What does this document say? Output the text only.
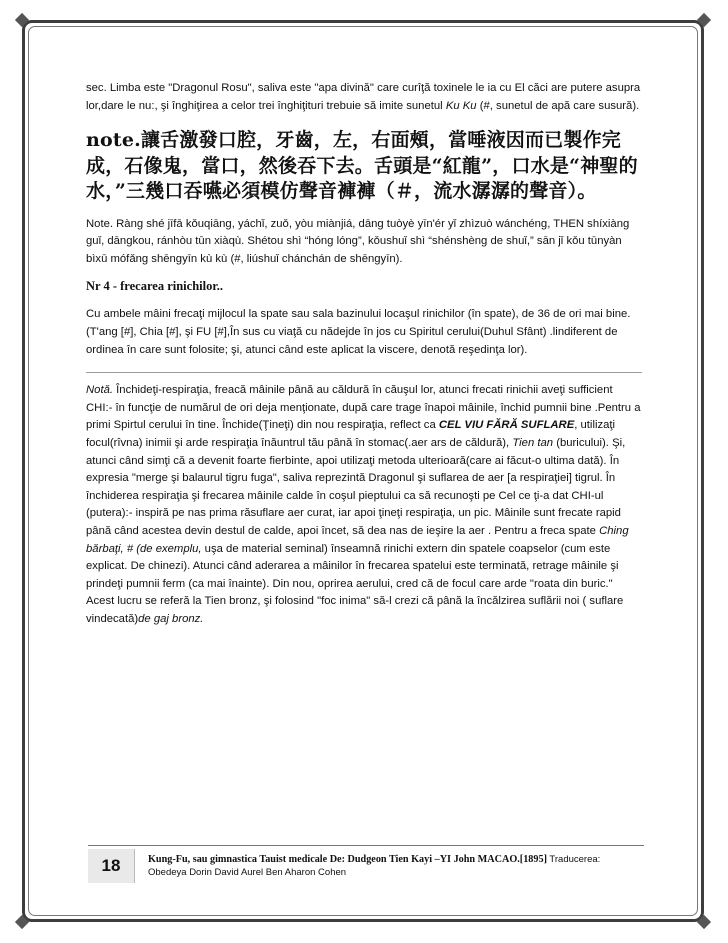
sec. Limba este "Dragonul Rosu", saliva este "apa divină" care curîţă toxinele le ia cu El căci are putere asupra lor,dare le nu:, şi înghiţirea a celor trei înghiţituri trebuie să imite sunetul Ku Ku (#, sunetul de apă care susură).

note.讓舌激發口腔，牙齒，左，右面頰，當唾液因而已製作完成，石像鬼，當口，然後吞下去。舌頭是“紅龍”，口水是“神聖的水，”三幾口吞嚥必須模仿聲音褲褲（＃，流水潺潺的聲音）。

Note. Ràng shé jīfā kǒuqiāng, yáchǐ, zuǒ, yòu miànjiá, dāng tuòyè yīn'ér yǐ zhìzuò wánchéng, THEN shíxiàng guǐ, dāngkou, ránhòu tūn xiàqù. Shétou shì “hóng lóng”, kǒushuǐ shì “shénshèng de shuǐ,” sān jǐ kǒu tūnyàn bìxū mófǎng shēngyīn kù kù (#, liúshuǐ chánchán de shēngyīn).

Nr 4 - frecarea rinichilor..

Cu ambele mâini frecaţi mijlocul la spate sau sala bazinului locaşul rinichilor (în spate), de 36 de ori mai bine. (T'ang [#], Chia [#], şi FU [#],În sus cu viaţă cu nădejde în jos cu Spiritul cerului(Duhul Sfânt) .lindiferent de ordinea în care sunt folosite; şi, atunci când este aplicat la viscere, denotă reşedinţa lor).

Notă. Închideţi-respiraţia, freacă mâinile până au căldură în căuşul lor, atunci frecati rinichii aveţi sufficient CHI:- în funcţie de numărul de ori deja menţionate, după care trage înapoi mâinile, închid pumnii bine .Pentru a primi Spirtul cerului în tine. Închide(Ţineţi) din nou respiraţia, reflect ca CEL VIU FĂRĂ SUFLARE, utilizaţi focul(rîvna) inimii şi arde respiraţia înăuntrul tău până în stomac(.aer ars de căldură), Tien tan (buricului). Şi, atunci când simţi că a devenit foarte fierbinte, apoi utilizaţi metoda ulterioară(care ai făcut-o ultima dată). În expresia "merge şi balaurul tigru fuga", saliva reprezintă Dragonul şi suflarea de aer [a respiraţiei] tigrul. În închiderea respiraţia şi frecarea mâinile calde în coşul pieptului ca să recunoşti pe Cel ce ţi-a dat CHI-ul (putera):- inspiră pe nas prima răsuflare aer curat, iar apoi ţineţi respiraţia, un pic. Mâinile sunt frecate rapid până când acestea devin destul de calde, apoi încet, să dea nas de ieşire la aer . Pentru a freca spate Ching bărbaţi, # (de exemplu, uşa de material seminal) înseamnă rinichi extern din spatele coapselor (cum este explicat. De chinezi). Atunci când aderarea a mâinilor în frecarea spatelui este terminată, retrage mâinile şi prindeţi pumnii ferm (ca mai înainte). Din nou, oprirea aerului, cred că de focul care arde "roata din buric." Acest lucru se referă la Tien bronz, şi folosind "foc inima" să-l crezi că până la încălzirea suflării noi ( suflare vindecată)de gaj bronz.

18	Kung-Fu, sau gimnastica Tauist medicale De: Dudgeon Tien Kayi –YI John MACAO.[1895] Traducerea:
Obedeya Dorin David Aurel Ben Aharon Cohen
